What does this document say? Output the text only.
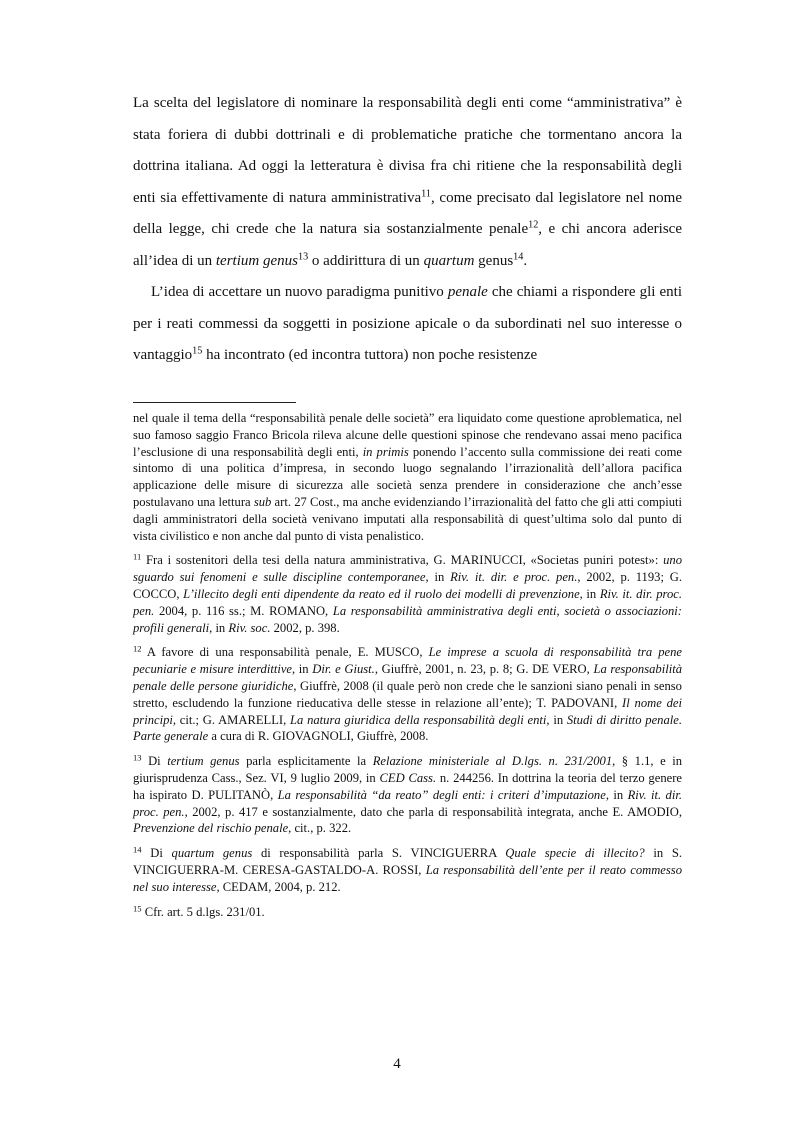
La scelta del legislatore di nominare la responsabilità degli enti come “amministrativa” è stata foriera di dubbi dottrinali e di problematiche pratiche che tormentano ancora la dottrina italiana. Ad oggi la letteratura è divisa fra chi ritiene che la responsabilità degli enti sia effettivamente di natura amministrativa$^{11}$, come precisato dal legislatore nel nome della legge, chi crede che la natura sia sostanzialmente penale$^{12}$, e chi ancora aderisce all’idea di un tertium genus$^{13}$ o addirittura di un quartum genus$^{14}$.

L’idea di accettare un nuovo paradigma punitivo penale che chiami a rispondere gli enti per i reati commessi da soggetti in posizione apicale o da subordinati nel suo interesse o vantaggio$^{15}$ ha incontrato (ed incontra tuttora) non poche resistenze

nel quale il tema della “responsabilità penale delle società” era liquidato come questione aproblematica, nel suo famoso saggio Franco Bricola rileva alcune delle questioni spinose che rendevano assai meno pacifica l’esclusione di una responsabilità degli enti, in primis ponendo l’accento sulla commissione dei reati come sintomo di una politica d’impresa, in secondo luogo segnalando l’irrazionalità dell’allora pacifica applicazione delle misure di sicurezza alle società senza prendere in considerazione che anch’esse postulavano una lettura sub art. 27 Cost., ma anche evidenziando l’irrazionalità del fatto che gli atti compiuti dagli amministratori della società venivano imputati alla responsabilità di quest’ultima solo dal punto di vista civilistico e non anche dal punto di vista penalistico.

$^{11}$ Fra i sostenitori della tesi della natura amministrativa, G. MARINUCCI, «Societas puniri potest»: uno sguardo sui fenomeni e sulle discipline contemporanee, in Riv. it. dir. e proc. pen., 2002, p. 1193; G. COCCO, L’illecito degli enti dipendente da reato ed il ruolo dei modelli di prevenzione, in Riv. it. dir. proc. pen. 2004, p. 116 ss.; M. ROMANO, La responsabilità amministrativa degli enti, società o associazioni: profili generali, in Riv. soc. 2002, p. 398.

$^{12}$ A favore di una responsabilità penale, E. MUSCO, Le imprese a scuola di responsabilità tra pene pecuniarie e misure interdittive, in Dir. e Giust., Giuffrè, 2001, n. 23, p. 8; G. DE VERO, La responsabilità penale delle persone giuridiche, Giuffrè, 2008 (il quale però non crede che le sanzioni siano penali in senso stretto, escludendo la funzione rieducativa delle stesse in relazione all’ente); T. PADOVANI, Il nome dei principi, cit.; G. AMARELLI, La natura giuridica della responsabilità degli enti, in Studi di diritto penale. Parte generale a cura di R. GIOVAGNOLI, Giuffrè, 2008.

$^{13}$ Di tertium genus parla esplicitamente la Relazione ministeriale al D.lgs. n. 231/2001, § 1.1, e in giurisprudenza Cass., Sez. VI, 9 luglio 2009, in CED Cass. n. 244256. In dottrina la teoria del terzo genere ha ispirato D. PULITANÒ, La responsabilità “da reato” degli enti: i criteri d’imputazione, in Riv. it. dir. proc. pen., 2002, p. 417 e sostanzialmente, dato che parla di responsabilità integrata, anche E. AMODIO, Prevenzione del rischio penale, cit., p. 322.

$^{14}$ Di quartum genus di responsabilità parla S. VINCIGUERRA Quale specie di illecito? in S. VINCIGUERRA-M. CERESA-GASTALDO-A. ROSSI, La responsabilità dell’ente per il reato commesso nel suo interesse, CEDAM, 2004, p. 212.

$^{15}$ Cfr. art. 5 d.lgs. 231/01.

4
